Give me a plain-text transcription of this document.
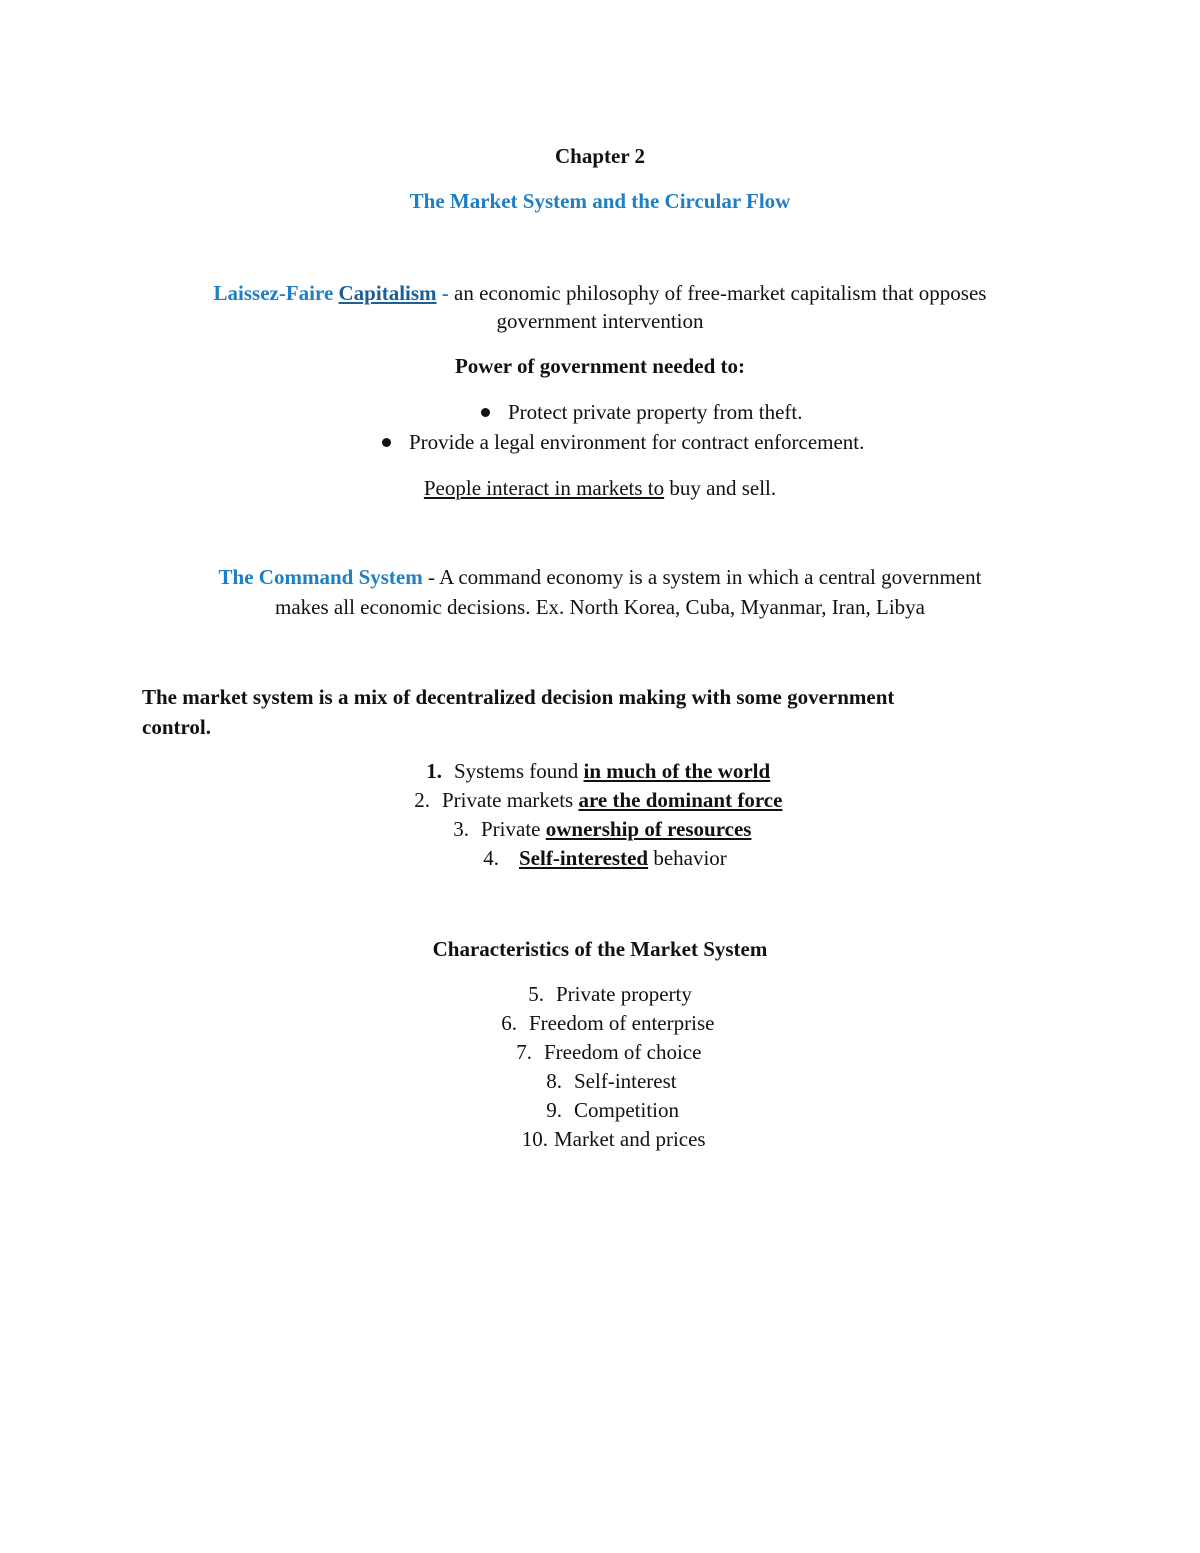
Chapter 2
The Market System and the Circular Flow
Laissez-Faire Capitalism - an economic philosophy of free-market capitalism that opposes
government intervention
Power of government needed to:
Protect private property from theft.
Provide a legal environment for contract enforcement.
People interact in markets to buy and sell.
The Command System - A command economy is a system in which a central government
makes all economic decisions. Ex. North Korea, Cuba, Myanmar, Iran, Libya
The market system is a mix of decentralized decision making with some government
control.
1. Systems found in much of the world
2. Private markets are the dominant force
3. Private ownership of resources
4. Self-interested behavior
Characteristics of the Market System
5. Private property
6. Freedom of enterprise
7. Freedom of choice
8. Self-interest
9. Competition
10. Market and prices
